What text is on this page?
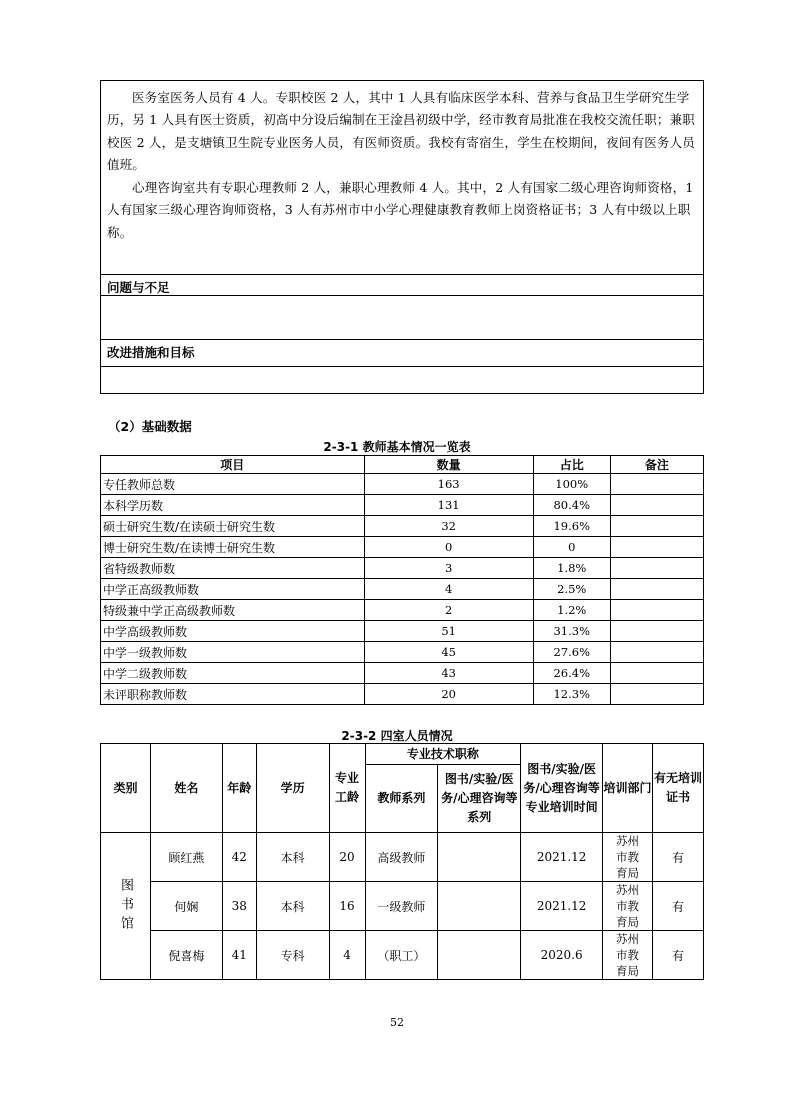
医务室医务人员有 4 人。专职校医 2 人，其中 1 人具有临床医学本科、营养与食品卫生学研究生学历，另 1 人具有医士资质，初高中分设后编制在王淦昌初级中学，经市教育局批准在我校交流任职；兼职校医 2 人，是支塘镇卫生院专业医务人员，有医师资质。我校有寄宿生，学生在校期间，夜间有医务人员值班。
心理咨询室共有专职心理教师 2 人，兼职心理教师 4 人。其中，2 人有国家二级心理咨询师资格，1 人有国家三级心理咨询师资格，3 人有苏州市中小学心理健康教育教师上岗资格证书；3 人有中级以上职称。
问题与不足
改进措施和目标
（2）基础数据
2-3-1 教师基本情况一览表
项目	数量	占比	备注
专任教师总数	163	100%	
本科学历数	131	80.4%	
硕士研究生数/在读硕士研究生数	32	19.6%	
博士研究生数/在读博士研究生数	0	0	
省特级教师数	3	1.8%	
中学正高级教师数	4	2.5%	
特级兼中学正高级教师数	2	1.2%	
中学高级教师数	51	31.3%	
中学一级教师数	45	27.6%	
中学二级教师数	43	26.4%	
未评职称教师数	20	12.3%	
2-3-2 四室人员情况
类别	姓名	年龄	学历	专业工龄	专业技术职称		图书/实验/医务/心理咨询等专业培训时间	培训部门	有无培训证书
					教师系列	图书/实验/医务/心理咨询等系列			
图书馆	顾红燕	42	本科	20	高级教师		2021.12	苏州市教育局	有
	何娴	38	本科	16	一级教师		2021.12	苏州市教育局	有
	倪喜梅	41	专科	4	（职工）		2020.6	苏州市教育局	有
52
